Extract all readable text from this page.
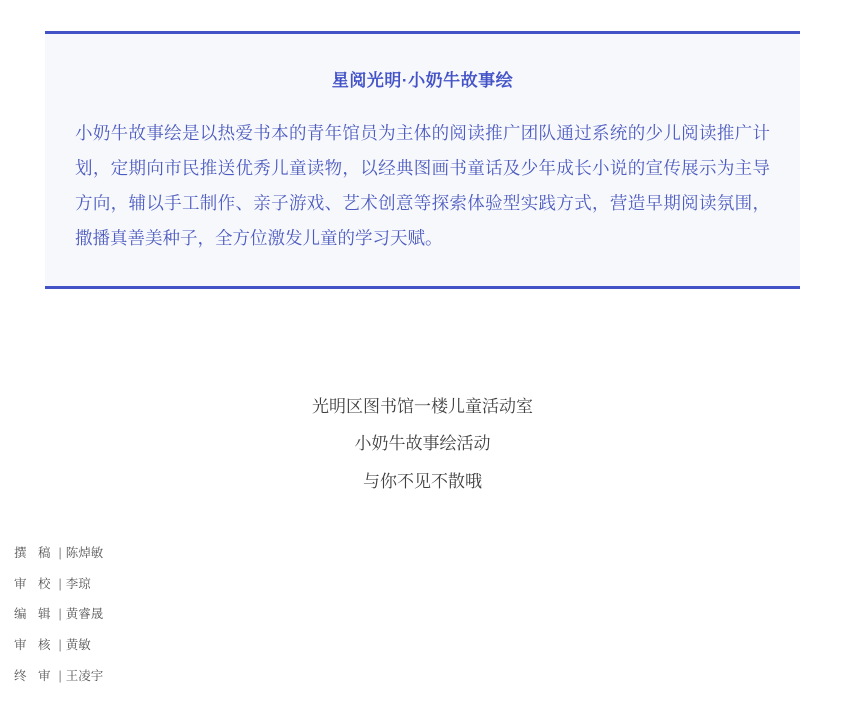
星阅光明·小奶牛故事绘
小奶牛故事绘是以热爱书本的青年馆员为主体的阅读推广团队通过系统的少儿阅读推广计划，定期向市民推送优秀儿童读物，以经典图画书童话及少年成长小说的宣传展示为主导方向，辅以手工制作、亲子游戏、艺术创意等探索体验型实践方式，营造早期阅读氛围，撒播真善美种子，全方位激发儿童的学习天赋。
光明区图书馆一楼儿童活动室
小奶牛故事绘活动
与你不见不散哦
撰 稿 | 陈焯敏
审 校 | 李琼
编 辑 | 黄睿晟
审 核 | 黄敏
终 审 | 王凌宇
